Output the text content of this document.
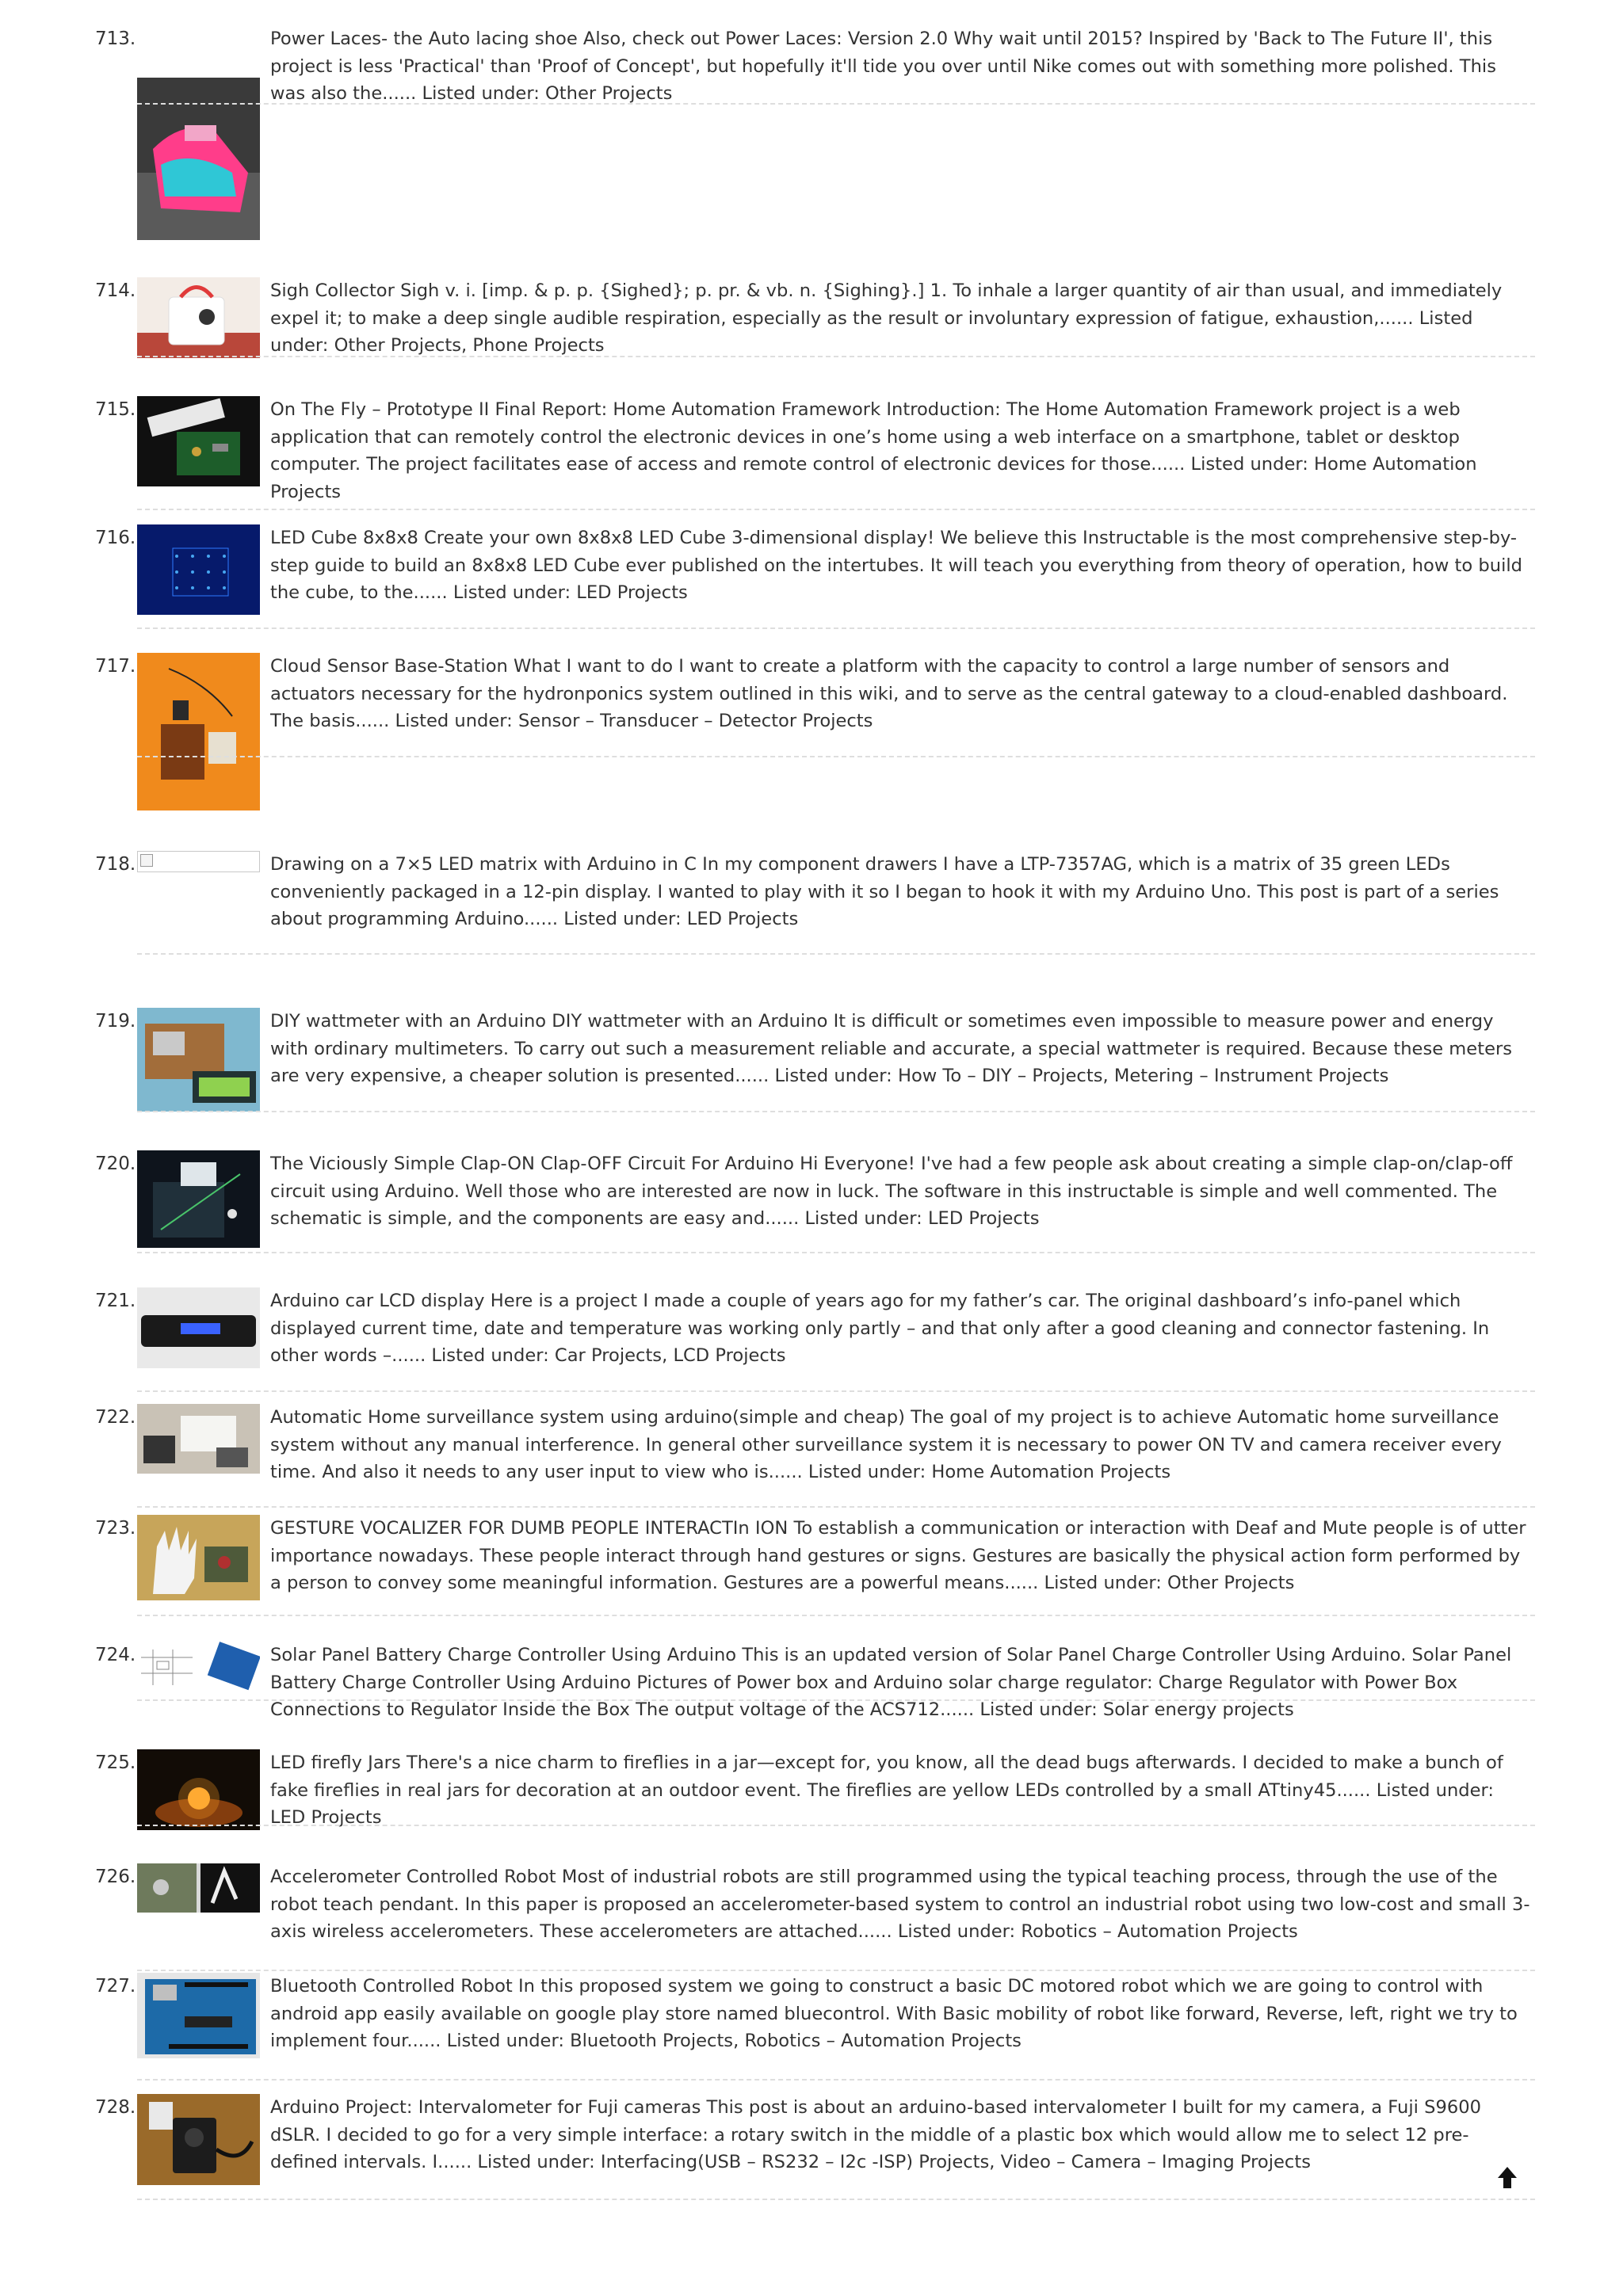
713.	Power Laces- the Auto lacing shoe Also, check out Power Laces: Version 2.0 Why wait until 2015? Inspired by 'Back to The Future II', this project is less 'Practical' than 'Proof of Concept', but hopefully it'll tide you over until Nike comes out with something more polished. This was also the...... Listed under: Other Projects

714.	Sigh Collector Sigh v. i. [imp. & p. p. {Sighed}; p. pr. & vb. n. {Sighing}.] 1. To inhale a larger quantity of air than usual, and immediately expel it; to make a deep single audible respiration, especially as the result or involuntary expression of fatigue, exhaustion,...... Listed under: Other Projects, Phone Projects

715.	On The Fly – Prototype II Final Report: Home Automation Framework Introduction: The Home Automation Framework project is a web application that can remotely control the electronic devices in one’s home using a web interface on a smartphone, tablet or desktop computer. The project facilitates ease of access and remote control of electronic devices for those...... Listed under: Home Automation Projects

716.	LED Cube 8x8x8 Create your own 8x8x8 LED Cube 3-dimensional display! We believe this Instructable is the most comprehensive step-by-step guide to build an 8x8x8 LED Cube ever published on the intertubes. It will teach you everything from theory of operation, how to build the cube, to the...... Listed under: LED Projects

717.	Cloud Sensor Base-Station What I want to do I want to create a platform with the capacity to control a large number of sensors and actuators necessary for the hydronponics system outlined in this wiki, and to serve as the central gateway to a cloud-enabled dashboard. The basis...... Listed under: Sensor – Transducer – Detector Projects

718.	Drawing on a 7×5 LED matrix with Arduino in C In my component drawers I have a LTP-7357AG, which is a matrix of 35 green LEDs conveniently packaged in a 12-pin display. I wanted to play with it so I began to hook it with my Arduino Uno. This post is part of a series about programming Arduino...... Listed under: LED Projects

719.	DIY wattmeter with an Arduino DIY wattmeter with an Arduino It is difficult or sometimes even impossible to measure power and energy with ordinary multimeters. To carry out such a measurement reliable and accurate, a special wattmeter is required. Because these meters are very expensive, a cheaper solution is presented...... Listed under: How To – DIY – Projects, Metering – Instrument Projects

720.	The Viciously Simple Clap-ON Clap-OFF Circuit For Arduino Hi Everyone! I've had a few people ask about creating a simple clap-on/clap-off circuit using Arduino. Well those who are interested are now in luck. The software in this instructable is simple and well commented. The schematic is simple, and the components are easy and...... Listed under: LED Projects

721.	Arduino car LCD display Here is a project I made a couple of years ago for my father’s car. The original dashboard’s info-panel which displayed current time, date and temperature was working only partly – and that only after a good cleaning and connector fastening. In other words –...... Listed under: Car Projects, LCD Projects

722.	Automatic Home surveillance system using arduino(simple and cheap) The goal of my project is to achieve Automatic home surveillance system without any manual interference. In general other surveillance system it is necessary to power ON TV and camera receiver every time. And also it needs to any user input to view who is...... Listed under: Home Automation Projects

723.	GESTURE VOCALIZER FOR DUMB PEOPLE INTERACTIn ION To establish a communication or interaction with Deaf and Mute people is of utter importance nowadays. These people interact through hand gestures or signs. Gestures are basically the physical action form performed by a person to convey some meaningful information. Gestures are a powerful means...... Listed under: Other Projects

724.	Solar Panel Battery Charge Controller Using Arduino This is an updated version of Solar Panel Charge Controller Using Arduino. Solar Panel Battery Charge Controller Using Arduino Pictures of Power box and Arduino solar charge regulator: Charge Regulator with Power Box Connections to Regulator Inside the Box The output voltage of the ACS712...... Listed under: Solar energy projects

725.	LED firefly Jars There's a nice charm to fireflies in a jar—except for, you know, all the dead bugs afterwards. I decided to make a bunch of fake fireflies in real jars for decoration at an outdoor event. The fireflies are yellow LEDs controlled by a small ATtiny45...... Listed under: LED Projects

726.	Accelerometer Controlled Robot Most of industrial robots are still programmed using the typical teaching process, through the use of the robot teach pendant. In this paper is proposed an accelerometer-based system to control an industrial robot using two low-cost and small 3-axis wireless accelerometers. These accelerometers are attached...... Listed under: Robotics – Automation Projects

727.	Bluetooth Controlled Robot In this proposed system we going to construct a basic DC motored robot which we are going to control with android app easily available on google play store named bluecontrol. With Basic mobility of robot like forward, Reverse, left, right we try to implement four...... Listed under: Bluetooth Projects, Robotics – Automation Projects

728.	Arduino Project: Intervalometer for Fuji cameras This post is about an arduino-based intervalometer I built for my camera, a Fuji S9600 dSLR. I decided to go for a very simple interface: a rotary switch in the middle of a plastic box which would allow me to select 12 pre-defined intervals. I...... Listed under: Interfacing(USB – RS232 – I2c -ISP) Projects, Video – Camera – Imaging Projects
